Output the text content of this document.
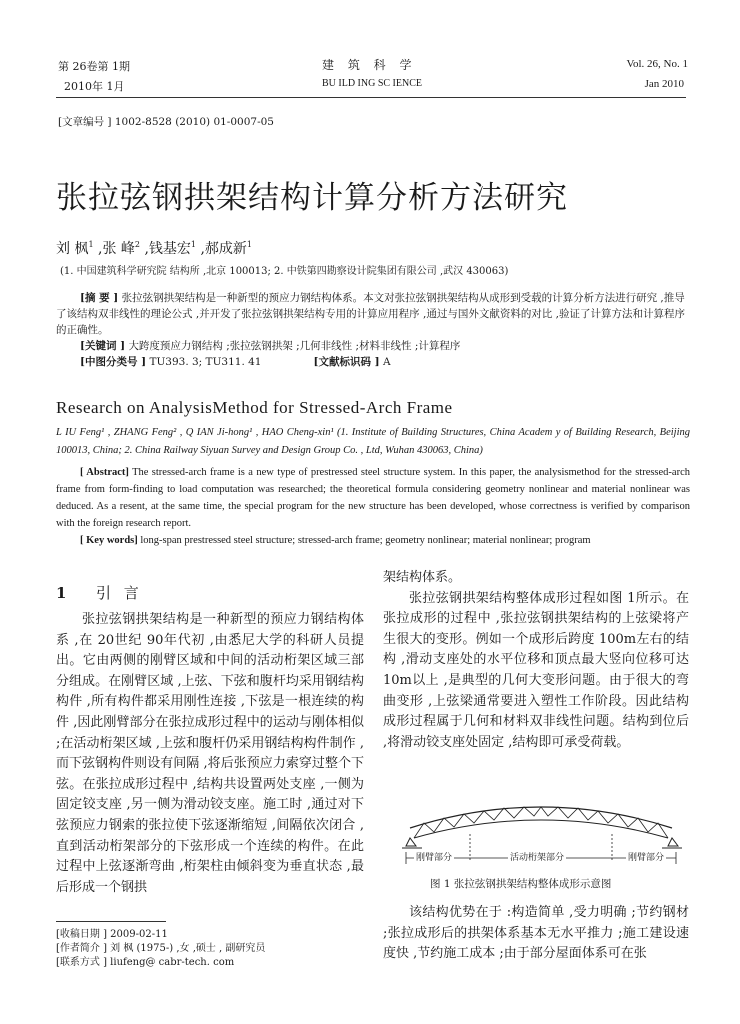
第 26卷第 1期
2010年 1月
建 筑 科 学
BU ILD ING SC IENCE
Vol. 26, No. 1
Jan 2010
[文章编号 ] 1002-8528 (2010) 01-0007-05
张拉弦钢拱架结构计算分析方法研究
刘 枫$^1$ ,张 峰$^2$ ,钱基宏$^1$ ,郝成新$^1$
(1. 中国建筑科学研究院 结构所 ,北京 100013; 2. 中铁第四勘察设计院集团有限公司 ,武汉 430063)
[摘 要 ] 张拉弦钢拱架结构是一种新型的预应力钢结构体系。本文对张拉弦钢拱架结构从成形到受载的计算分析方法进行研究 ,推导了该结构双非线性的理论公式 ,并开发了张拉弦钢拱架结构专用的计算应用程序 ,通过与国外文献资料的对比 ,验证了计算方法和计算程序的正确性。
[关键词 ] 大跨度预应力钢结构 ;张拉弦钢拱架 ;几何非线性 ;材料非线性 ;计算程序
[中图分类号 ] TU393. 3; TU311. 41	[文献标识码 ] A
Research on AnalysisMethod for Stressed-Arch Frame
L IU Feng¹ , ZHANG Feng² , Q IAN Ji-hong¹ , HAO Cheng-xin¹ (1. Institute of Building Structures, China Academ y of Building Research, Beijing 100013, China; 2. China Railway Siyuan Survey and Design Group Co. , Ltd, Wuhan 430063, China)
[ Abstract] The stressed-arch frame is a new type of prestressed steel structure system. In this paper, the analysismethod for the stressed-arch frame from form-finding to load computation was researched; the theoretical formula considering geometry nonlinear and material nonlinear was deduced. As a resent, at the same time, the special program for the new structure has been developed, whose correctness is verified by comparison with the foreign research report.
[ Key words] long-span prestressed steel structure; stressed-arch frame; geometry nonlinear; material nonlinear; program
1 引 言

张拉弦钢拱架结构是一种新型的预应力钢结构体系 ,在 20世纪 90年代初 ,由悉尼大学的科研人员提出。它由两侧的刚臂区域和中间的活动桁架区域三部分组成。在刚臂区域 ,上弦、下弦和腹杆均采用钢结构构件 ,所有构件都采用刚性连接 ,下弦是一根连续的构件 ,因此刚臂部分在张拉成形过程中的运动与刚体相似 ;在活动桁架区域 ,上弦和腹杆仍采用钢结构构件制作 ,而下弦钢构件则设有间隔 ,将后张预应力索穿过整个下弦。在张拉成形过程中 ,结构共设置两处支座 ,一侧为固定铰支座 ,另一侧为滑动铰支座。施工时 ,通过对下弦预应力钢索的张拉使下弦逐渐缩短 ,间隔依次闭合 ,直到活动桁架部分的下弦形成一个连续的构件。在此过程中上弦逐渐弯曲 ,桁架柱由倾斜变为垂直状态 ,最后形成一个钢拱

架结构体系。

张拉弦钢拱架结构整体成形过程如图 1所示。在张拉成形的过程中 ,张拉弦钢拱架结构的上弦梁将产生很大的变形。例如一个成形后跨度 100m左右的结构 ,滑动支座处的水平位移和顶点最大竖向位移可达 10m以上 ,是典型的几何大变形问题。由于很大的弯曲变形 ,上弦梁通常要进入塑性工作阶段。因此结构成形过程属于几何和材料双非线性问题。结构到位后 ,将滑动铰支座处固定 ,结构即可承受荷载。

刚臂部分	活动桁架部分	刚臂部分
图 1 张拉弦钢拱架结构整体成形示意图

该结构优势在于 :构造简单 ,受力明确 ;节约钢材 ;张拉成形后的拱架体系基本无水平推力 ;施工建设速度快 ,节约施工成本 ;由于部分屋面体系可在张

[收稿日期 ] 2009-02-11
[作者简介 ] 刘 枫 (1975-) ,女 ,硕士 , 副研究员
[联系方式 ] liufeng@ cabr-tech. com
